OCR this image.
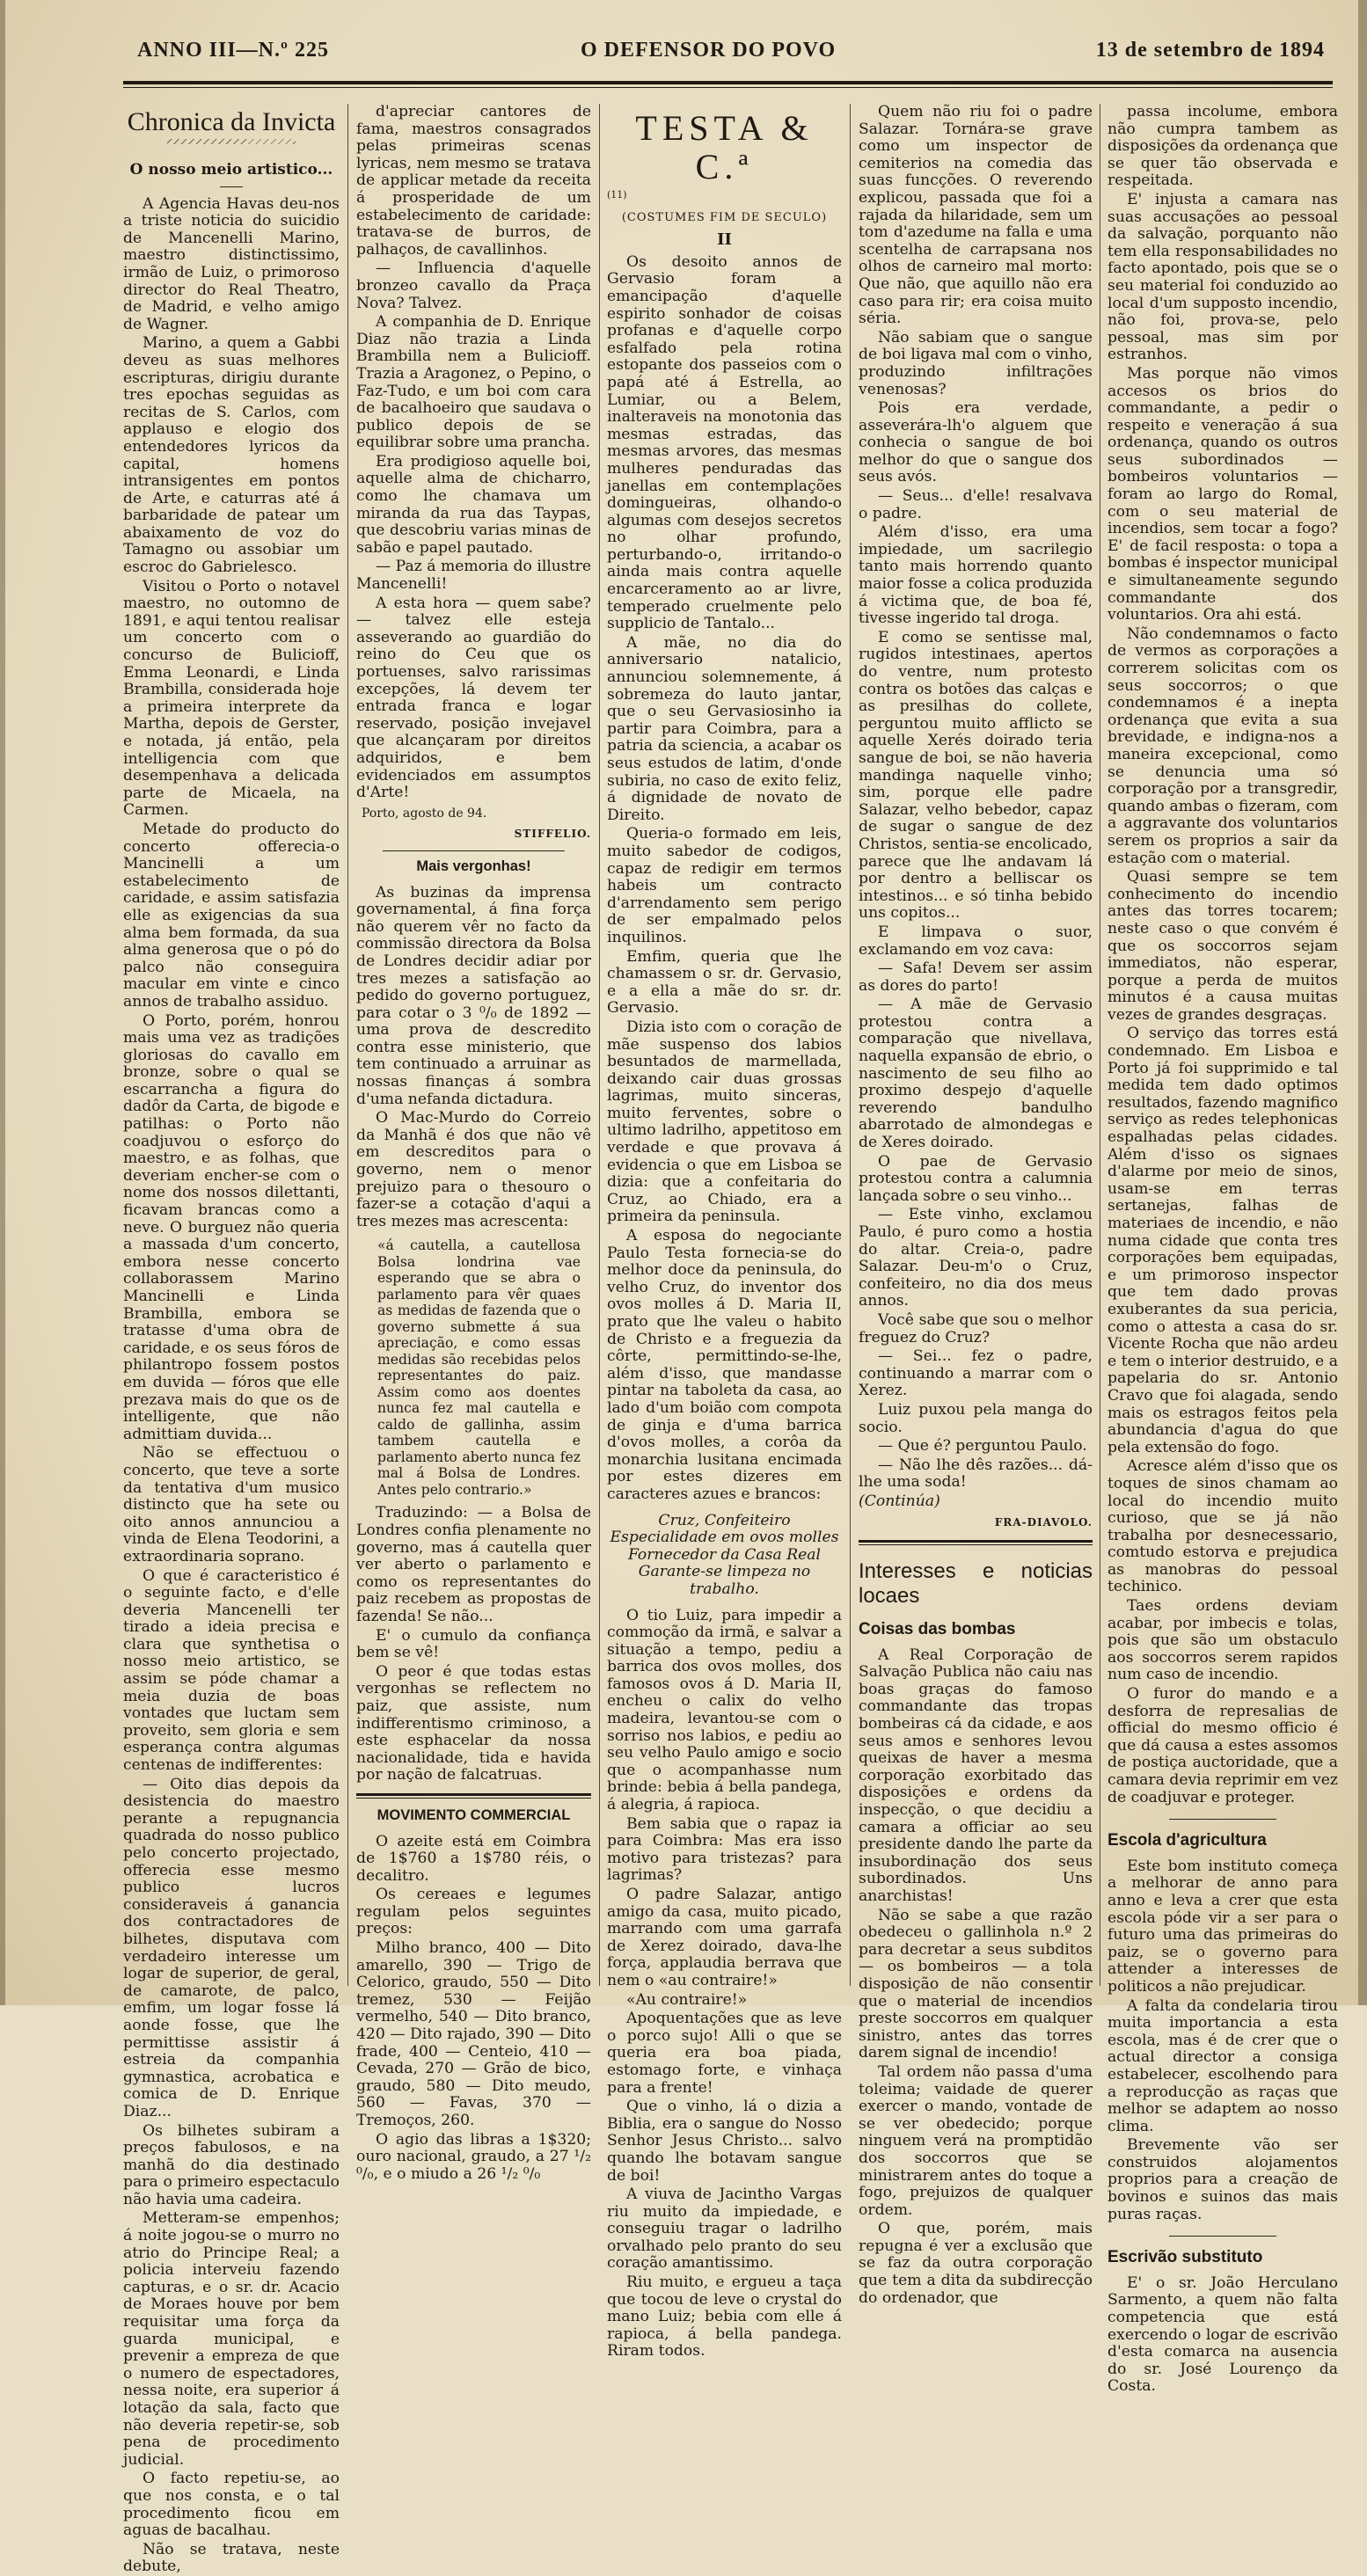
ANNO III—N.º 225	O DEFENSOR DO POVO	13 de setembro de 1894
Chronica da Invicta
O nosso meio artistico...

A Agencia Havas deu-nos a triste noticia do suicidio de Mancenelli Marino, maestro distinctissimo, irmão de Luiz, o primoroso director do Real Theatro, de Madrid, e velho amigo de Wagner.

Marino, a quem a Gabbi deveu as suas melhores escripturas, dirigiu durante tres epochas seguidas as recitas de S. Carlos, com applauso e elogio dos entendedores lyricos da capital, homens intransigentes em pontos de Arte, e caturras até á barbaridade de patear um abaixamento de voz do Tamagno ou assobiar um escroc do Gabrielesco.

Visitou o Porto o notavel maestro, no outomno de 1891, e aqui tentou realisar um concerto com o concurso de Bulicioff, Emma Leonardi, e Linda Brambilla, considerada hoje a primeira interprete da Martha, depois de Gerster, e notada, já então, pela intelligencia com que desempenhava a delicada parte de Micaela, na Carmen.

Metade do producto do concerto offerecia-o Mancinelli a um estabelecimento de caridade, e assim satisfazia elle as exigencias da sua alma bem formada, da sua alma generosa que o pó do palco não conseguira macular em vinte e cinco annos de trabalho assiduo.

O Porto, porém, honrou mais uma vez as tradições gloriosas do cavallo em bronze, sobre o qual se escarrancha a figura do dadôr da Carta, de bigode e patilhas: o Porto não coadjuvou o esforço do maestro, e as folhas, que deveriam encher-se com o nome dos nossos dilettanti, ficavam brancas como a neve. O burguez não queria a massada d'um concerto, embora nesse concerto collaborassem Marino Mancinelli e Linda Brambilla, embora se tratasse d'uma obra de caridade, e os seus fóros de philantropo fossem postos em duvida — fóros que elle prezava mais do que os de intelligente, que não admittiam duvida...

Não se effectuou o concerto, que teve a sorte da tentativa d'um musico distincto que ha sete ou oito annos annunciou a vinda de Elena Teodorini, a extraordinaria soprano.

O que é caracteristico é o seguinte facto, e d'elle deveria Mancenelli ter tirado a ideia precisa e clara que synthetisa o nosso meio artistico, se assim se póde chamar a meia duzia de boas vontades que luctam sem proveito, sem gloria e sem esperança contra algumas centenas de indifferentes:

— Oito dias depois da desistencia do maestro perante a repugnancia quadrada do nosso publico pelo concerto projectado, offerecia esse mesmo publico lucros consideraveis á ganancia dos contractadores de bilhetes, disputava com verdadeiro interesse um logar de superior, de geral, de camarote, de palco, emfim, um logar fosse lá aonde fosse, que lhe permittisse assistir á estreia da companhia gymnastica, acrobatica e comica de D. Enrique Diaz...

Os bilhetes subiram a preços fabulosos, e na manhã do dia destinado para o primeiro espectaculo não havia uma cadeira.

Metteram-se empenhos; á noite jogou-se o murro no atrio do Principe Real; a policia interveiu fazendo capturas, e o sr. dr. Acacio de Moraes houve por bem requisitar uma força da guarda municipal, e prevenir a empreza de que o numero de espectadores, nessa noite, era superior á lotação da sala, facto que não deveria repetir-se, sob pena de procedimento judicial.

O facto repetiu-se, ao que nos consta, e o tal procedimento ficou em aguas de bacalhau.

Não se tratava, neste debute,

d'apreciar cantores de fama, maestros consagrados pelas primeiras scenas lyricas, nem mesmo se tratava de applicar metade da receita á prosperidade de um estabelecimento de caridade: tratava-se de burros, de palhaços, de cavallinhos.

— Influencia d'aquelle bronzeo cavallo da Praça Nova? Talvez.

A companhia de D. Enrique Diaz não trazia a Linda Brambilla nem a Bulicioff. Trazia a Aragonez, o Pepino, o Faz-Tudo, e um boi com cara de bacalhoeiro que saudava o publico depois de se equilibrar sobre uma prancha.

Era prodigioso aquelle boi, aquelle alma de chicharro, como lhe chamava um miranda da rua das Taypas, que descobriu varias minas de sabão e papel pautado.

— Paz á memoria do illustre Mancenelli!

A esta hora — quem sabe? — talvez elle esteja asseverando ao guardião do reino do Ceu que os portuenses, salvo rarissimas excepções, lá devem ter entrada franca e logar reservado, posição invejavel que alcançaram por direitos adquiridos, e bem evidenciados em assumptos d'Arte!

Porto, agosto de 94.
STIFFELIO.
Mais vergonhas!

As buzinas da imprensa governamental, á fina força não querem vêr no facto da commissão directora da Bolsa de Londres decidir adiar por tres mezes a satisfação ao pedido do governo portuguez, para cotar o 3 ⁰/₀ de 1892 — uma prova de descredito contra esse ministerio, que tem continuado a arruinar as nossas finanças á sombra d'uma nefanda dictadura.

O Mac-Murdo do Correio da Manhã é dos que não vê em descreditos para o governo, nem o menor prejuizo para o thesouro o fazer-se a cotação d'aqui a tres mezes mas acrescenta:

«á cautella, a cautellosa Bolsa londrina vae esperando que se abra o parlamento para vêr quaes as medidas de fazenda que o governo submette á sua apreciação, e como essas medidas são recebidas pelos representantes do paiz. Assim como aos doentes nunca fez mal cautella e caldo de gallinha, assim tambem cautella e parlamento aberto nunca fez mal á Bolsa de Londres. Antes pelo contrario.»

Traduzindo: — a Bolsa de Londres confia plenamente no governo, mas á cautella quer ver aberto o parlamento e como os representantes do paiz recebem as propostas de fazenda! Se não...

E' o cumulo da confiança bem se vê!

O peor é que todas estas vergonhas se reflectem no paiz, que assiste, num indifferentismo criminoso, a este esphacelar da nossa nacionalidade, tida e havida por nação de falcatruas.

MOVIMENTO COMMERCIAL

O azeite está em Coimbra de 1$760 a 1$780 réis, o decalitro.

Os cereaes e legumes regulam pelos seguintes preços:

Milho branco, 400 — Dito amarello, 390 — Trigo de Celorico, graudo, 550 — Dito tremez, 530 — Feijão vermelho, 540 — Dito branco, 420 — Dito rajado, 390 — Dito frade, 400 — Centeio, 410 — Cevada, 270 — Grão de bico, graudo, 580 — Dito meudo, 560 — Favas, 370 — Tremoços, 260.

O agio das libras a 1$320; ouro nacional, graudo, a 27 ¹/₂ ⁰/₀, e o miudo a 26 ¹/₂ ⁰/₀

TESTA & C.ª
(11)
(COSTUMES FIM DE SECULO)
II

Os desoito annos de Gervasio foram a emancipação d'aquelle espirito sonhador de coisas profanas e d'aquelle corpo esfalfado pela rotina estopante dos passeios com o papá até á Estrella, ao Lumiar, ou a Belem, inalteraveis na monotonia das mesmas estradas, das mesmas arvores, das mesmas mulheres penduradas das janellas em contemplações domingueiras, olhando-o algumas com desejos secretos no olhar profundo, perturbando-o, irritando-o ainda mais contra aquelle encarceramento ao ar livre, temperado cruelmente pelo supplicio de Tantalo...

A mãe, no dia do anniversario natalicio, annunciou solemnemente, á sobremeza do lauto jantar, que o seu Gervasiosinho ia partir para Coimbra, para a patria da sciencia, a acabar os seus estudos de latim, d'onde subiria, no caso de exito feliz, á dignidade de novato de Direito.

Queria-o formado em leis, muito sabedor de codigos, capaz de redigir em termos habeis um contracto d'arrendamento sem perigo de ser empalmado pelos inquilinos.

Emfim, queria que lhe chamassem o sr. dr. Gervasio, e a ella a mãe do sr. dr. Gervasio.

Dizia isto com o coração de mãe suspenso dos labios besuntados de marmellada, deixando cair duas grossas lagrimas, muito sinceras, muito ferventes, sobre o ultimo ladrilho, appetitoso em verdade e que provava á evidencia o que em Lisboa se dizia: que a confeitaria do Cruz, ao Chiado, era a primeira da peninsula.

A esposa do negociante Paulo Testa fornecia-se do melhor doce da peninsula, do velho Cruz, do inventor dos ovos molles á D. Maria II, prato que lhe valeu o habito de Christo e a freguezia da côrte, permittindo-se-lhe, além d'isso, que mandasse pintar na taboleta da casa, ao lado d'um boião com compota de ginja e d'uma barrica d'ovos molles, a corôa da monarchia lusitana encimada por estes dizeres em caracteres azues e brancos:

Cruz, Confeiteiro Especialidade em ovos molles Fornecedor da Casa Real Garante-se limpeza no trabalho.

O tio Luiz, para impedir a commoção da irmã, e salvar a situação a tempo, pediu a barrica dos ovos molles, dos famosos ovos á D. Maria II, encheu o calix do velho madeira, levantou-se com o sorriso nos labios, e pediu ao seu velho Paulo amigo e socio que o acompanhasse num brinde: bebia á bella pandega, á alegria, á rapioca.

Bem sabia que o rapaz ia para Coimbra: Mas era isso motivo para tristezas? para lagrimas?

O padre Salazar, antigo amigo da casa, muito picado, marrando com uma garrafa de Xerez doirado, dava-lhe força, applaudia berrava que nem o «au contraire!»

«Au contraire!»

Apoquentações que as leve o porco sujo! Alli o que se queria era boa piada, estomago forte, e vinhaça para a frente!

Que o vinho, lá o dizia a Biblia, era o sangue do Nosso Senhor Jesus Christo... salvo quando lhe botavam sangue de boi!

A viuva de Jacintho Vargas riu muito da impiedade, e conseguiu tragar o ladrilho orvalhado pelo pranto do seu coração amantissimo.

Riu muito, e ergueu a taça que tocou de leve o crystal do mano Luiz; bebia com elle á rapioca, á bella pandega. Riram todos.

Quem não riu foi o padre Salazar. Tornára-se grave como um inspector de cemiterios na comedia das suas funcções. O reverendo explicou, passada que foi a rajada da hilaridade, sem um tom d'azedume na falla e uma scentelha de carrapsana nos olhos de carneiro mal morto: Que não, que aquillo não era caso para rir; era coisa muito séria.

Não sabiam que o sangue de boi ligava mal com o vinho, produzindo infiltrações venenosas?

Pois era verdade, asseverára-lh'o alguem que conhecia o sangue de boi melhor do que o sangue dos seus avós.

— Seus... d'elle! resalvava o padre.

Além d'isso, era uma impiedade, um sacrilegio tanto mais horrendo quanto maior fosse a colica produzida á victima que, de boa fé, tivesse ingerido tal droga.

E como se sentisse mal, rugidos intestinaes, apertos do ventre, num protesto contra os botões das calças e as presilhas do collete, perguntou muito afflicto se aquelle Xerés doirado teria sangue de boi, se não haveria mandinga naquelle vinho; sim, porque elle padre Salazar, velho bebedor, capaz de sugar o sangue de dez Christos, sentia-se encolicado, parece que lhe andavam lá por dentro a belliscar os intestinos... e só tinha bebido uns copitos...

E limpava o suor, exclamando em voz cava:

— Safa! Devem ser assim as dores do parto!

— A mãe de Gervasio protestou contra a comparação que nivellava, naquella expansão de ebrio, o nascimento de seu filho ao proximo despejo d'aquelle reverendo bandulho abarrotado de almondegas e de Xeres doirado.

O pae de Gervasio protestou contra a calumnia lançada sobre o seu vinho...

— Este vinho, exclamou Paulo, é puro como a hostia do altar. Creia-o, padre Salazar. Deu-m'o o Cruz, confeiteiro, no dia dos meus annos.

Você sabe que sou o melhor freguez do Cruz?

— Sei... fez o padre, continuando a marrar com o Xerez.

Luiz puxou pela manga do socio.

— Que é? perguntou Paulo.

— Não lhe dês razões... dá-lhe uma soda!

(Continúa)

FRA-DIAVOLO.
Interesses e noticias locaes
Coisas das bombas

A Real Corporação de Salvação Publica não caiu nas boas graças do famoso commandante das tropas bombeiras cá da cidade, e aos seus amos e senhores levou queixas de haver a mesma corporação exorbitado das disposições e ordens da inspecção, o que decidiu a camara a officiar ao seu presidente dando lhe parte da insubordinação dos seus subordinados. Uns anarchistas!

Não se sabe a que razão obedeceu o gallinhola n.º 2 para decretar a seus subditos — os bombeiros — a tola disposição de não consentir que o material de incendios preste soccorros em qualquer sinistro, antes das torres darem signal de incendio!

Tal ordem não passa d'uma toleima; vaidade de querer exercer o mando, vontade de se ver obedecido; porque ninguem verá na promptidão dos soccorros que se ministrarem antes do toque a fogo, prejuizos de qualquer ordem.

O que, porém, mais repugna é ver a exclusão que se faz da outra corporação que tem a dita da subdirecção do ordenador, que

passa incolume, embora não cumpra tambem as disposições da ordenança que se quer tão observada e respeitada.

E' injusta a camara nas suas accusações ao pessoal da salvação, porquanto não tem ella responsabilidades no facto apontado, pois que se o seu material foi conduzido ao local d'um supposto incendio, não foi, prova-se, pelo pessoal, mas sim por estranhos.

Mas porque não vimos accesos os brios do commandante, a pedir o respeito e veneração á sua ordenança, quando os outros seus subordinados — bombeiros voluntarios — foram ao largo do Romal, com o seu material de incendios, sem tocar a fogo? E' de facil resposta: o topa a bombas é inspector municipal e simultaneamente segundo commandante dos voluntarios. Ora ahi está.

Não condemnamos o facto de vermos as corporações a correrem solicitas com os seus soccorros; o que condemnamos é a inepta ordenança que evita a sua brevidade, e indigna-nos a maneira excepcional, como se denuncia uma só corporação por a transgredir, quando ambas o fizeram, com a aggravante dos voluntarios serem os proprios a sair da estação com o material.

Quasi sempre se tem conhecimento do incendio antes das torres tocarem; neste caso o que convém é que os soccorros sejam immediatos, não esperar, porque a perda de muitos minutos é a causa muitas vezes de grandes desgraças.

O serviço das torres está condemnado. Em Lisboa e Porto já foi supprimido e tal medida tem dado optimos resultados, fazendo magnifico serviço as redes telephonicas espalhadas pelas cidades. Além d'isso os signaes d'alarme por meio de sinos, usam-se em terras sertanejas, falhas de materiaes de incendio, e não numa cidade que conta tres corporações bem equipadas, e um primoroso inspector que tem dado provas exuberantes da sua pericia, como o attesta a casa do sr. Vicente Rocha que não ardeu e tem o interior destruido, e a papelaria do sr. Antonio Cravo que foi alagada, sendo mais os estragos feitos pela abundancia d'agua do que pela extensão do fogo.

Acresce além d'isso que os toques de sinos chamam ao local do incendio muito curioso, que se já não trabalha por desnecessario, comtudo estorva e prejudica as manobras do pessoal techinico.

Taes ordens deviam acabar, por imbecis e tolas, pois que são um obstaculo aos soccorros serem rapidos num caso de incendio.

O furor do mando e a desforra de represalias de official do mesmo officio é que dá causa a estes assomos de postiça auctoridade, que a camara devia reprimir em vez de coadjuvar e proteger.

Escola d'agricultura

Este bom instituto começa a melhorar de anno para anno e leva a crer que esta escola póde vir a ser para o futuro uma das primeiras do paiz, se o governo para attender a interesses de politicos a não prejudicar.

A falta da condelaria tirou muita importancia a esta escola, mas é de crer que o actual director a consiga estabelecer, escolhendo para a reproducção as raças que melhor se adaptem ao nosso clima.

Brevemente vão ser construidos alojamentos proprios para a creação de bovinos e suinos das mais puras raças.

Escrivão substituto

E' o sr. João Herculano Sarmento, a quem não falta competencia que está exercendo o logar de escrivão d'esta comarca na ausencia do sr. José Lourenço da Costa.
